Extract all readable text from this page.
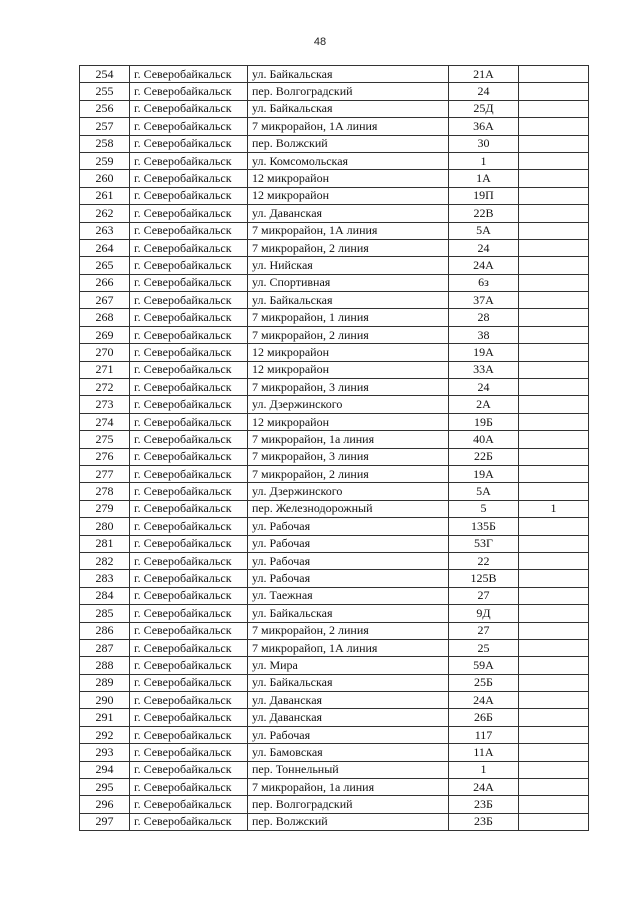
48
254	г. Северобайкальск	ул. Байкальская	21А	
255	г. Северобайкальск	пер. Волгоградский	24	
256	г. Северобайкальск	ул. Байкальская	25Д	
257	г. Северобайкальск	7 микрорайон, 1А линия	36А	
258	г. Северобайкальск	пер. Волжский	30	
259	г. Северобайкальск	ул. Комсомольская	1	
260	г. Северобайкальск	12 микрорайон	1А	
261	г. Северобайкальск	12 микрорайон	19П	
262	г. Северобайкальск	ул. Даванская	22В	
263	г. Северобайкальск	7 микрорайон, 1А линия	5А	
264	г. Северобайкальск	7 микрорайон, 2 линия	24	
265	г. Северобайкальск	ул. Нийская	24А	
266	г. Северобайкальск	ул. Спортивная	6з	
267	г. Северобайкальск	ул. Байкальская	37А	
268	г. Северобайкальск	7 микрорайон, 1 линия	28	
269	г. Северобайкальск	7 микрорайон, 2 линия	38	
270	г. Северобайкальск	12 микрорайон	19А	
271	г. Северобайкальск	12 микрорайон	33А	
272	г. Северобайкальск	7 микрорайон, 3 линия	24	
273	г. Северобайкальск	ул. Дзержинского	2А	
274	г. Северобайкальск	12 микрорайон	19Б	
275	г. Северобайкальск	7 микрорайон, 1а линия	40А	
276	г. Северобайкальск	7 микрорайон, 3 линия	22Б	
277	г. Северобайкальск	7 микрорайон, 2 линия	19А	
278	г. Северобайкальск	ул. Дзержинского	5А	
279	г. Северобайкальск	пер. Железнодорожный	5	1
280	г. Северобайкальск	ул. Рабочая	135Б	
281	г. Северобайкальск	ул. Рабочая	53Г	
282	г. Северобайкальск	ул. Рабочая	22	
283	г. Северобайкальск	ул. Рабочая	125В	
284	г. Северобайкальск	ул. Таежная	27	
285	г. Северобайкальск	ул. Байкальская	9Д	
286	г. Северобайкальск	7 микрорайон, 2 линия	27	
287	г. Северобайкальск	7 микрорайоп, 1А линия	25	
288	г. Северобайкальск	ул. Мира	59А	
289	г. Северобайкальск	ул. Байкальская	25Б	
290	г. Северобайкальск	ул. Даванская	24А	
291	г. Северобайкальск	ул. Даванская	26Б	
292	г. Северобайкальск	ул. Рабочая	117	
293	г. Северобайкальск	ул. Бамовская	11А	
294	г. Северобайкальск	пер. Тоннельный	1	
295	г. Северобайкальск	7 микрорайон, 1а линия	24А	
296	г. Северобайкальск	пер. Волгоградский	23Б	
297	г. Северобайкальск	пер. Волжский	23Б	
